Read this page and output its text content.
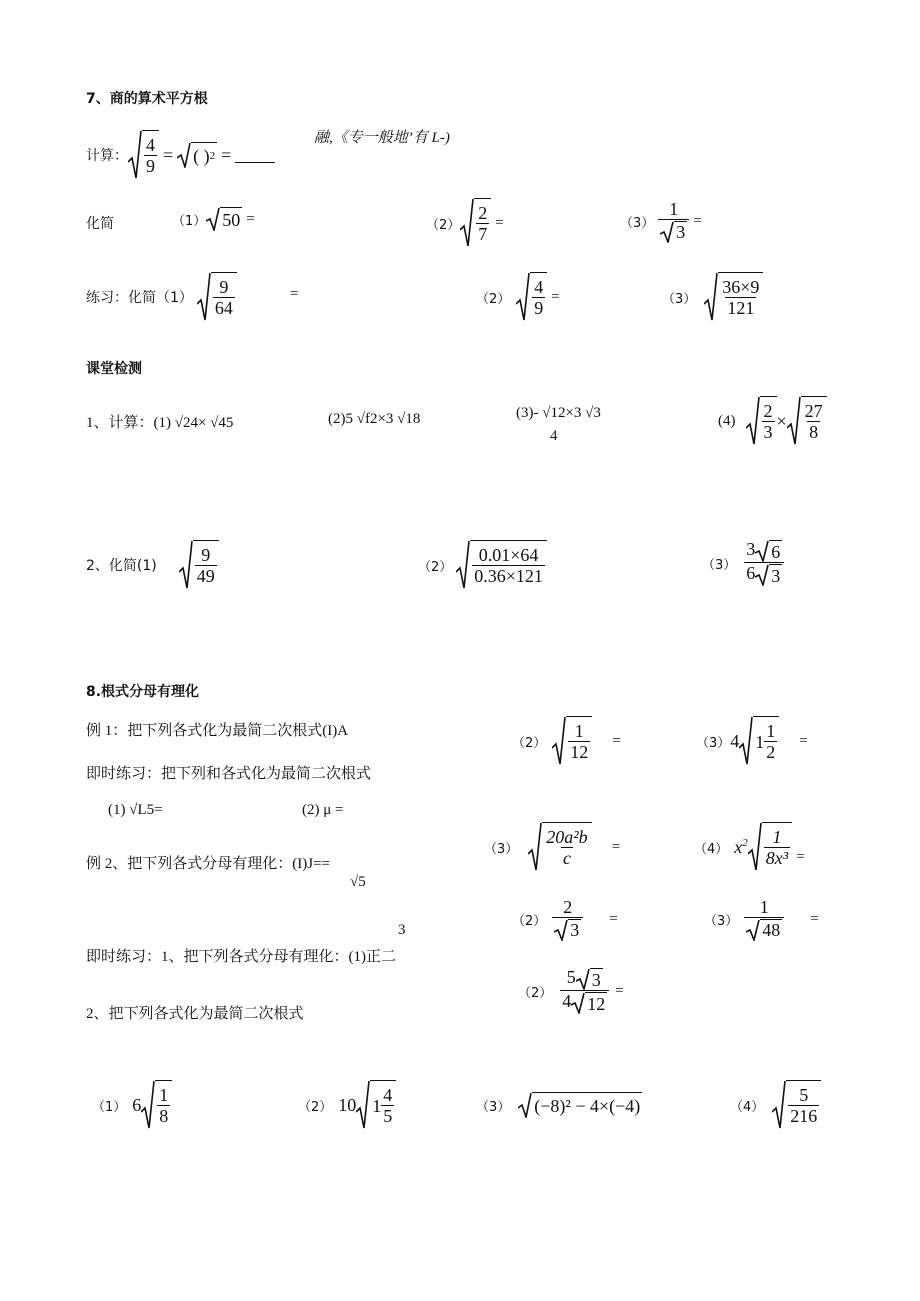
7、商的算术平方根
计算： $\frac{4}{9}$ = ( ) 2 =
融,《专一般地’有 L-)
化简	（1） 50 =	$(2) \frac{2}{7}$ =	$(3) \frac{1}{3}$ =
练习：化简$(1) \frac{9}{64}$	=	$(2) \frac{4}{9}$ =	$(3) \frac{36\times 9}{121}$
课堂检测
1、计算：(1) √24× √45	(2)5 √f2×3 √18	(3)- √12×3 √3
4
$(4) \frac{2}{3} \times \frac{27}{8}$
2、化简$(1) \frac{9}{49}$	$(2) \frac{0.01\times 64}{0.36\times 121}$	$(3) \frac{3 6}{6 3}$
8.根式分母有理化
例 1：把下列各式化为最简二次根式(I)A
$(2) \frac{1}{12}$ =	（3） 4 $1 \frac{1}{2}$ =
即时练习：把下列和各式化为最简二次根式
(1) √L5=	(2) μ =
$(3) \frac{\text{20a²b}}{c}$ =	（4） $x^2 \frac{1}{\text{8x³}}$ =
例 2、把下列各式分母有理化：(I)J==
√5
$(2) \frac{2}{3}$ =	$(3) \frac{1}{48}$ =
3
即时练习：1、把下列各式分母有理化：(1)正二
$(2) \frac{5 3}{4 12}$ =
2、把下列各式化为最简二次根式
（1） $6 \frac{1}{8}$	（2） 10 $1 \frac{4}{5}$	（3） (−8)² − 4×(−4)	$(4) \frac{5}{216}$
